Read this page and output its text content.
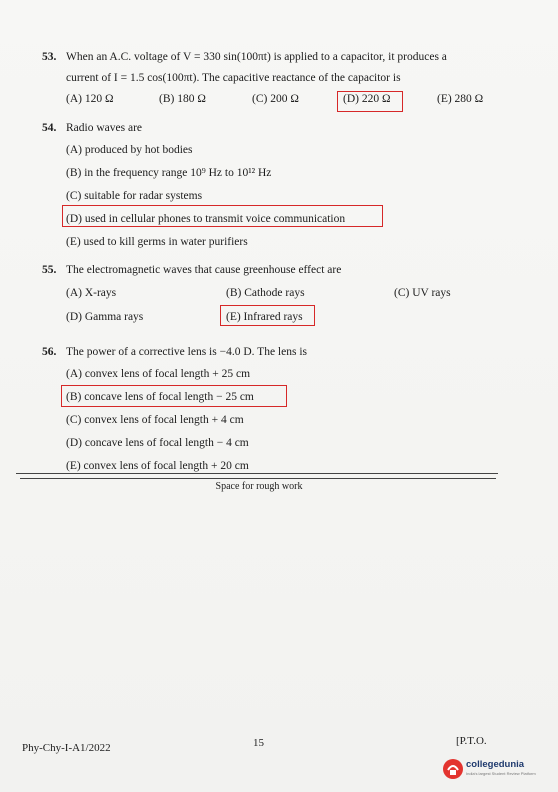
53. When an A.C. voltage of V = 330 sin(100πt) is applied to a capacitor, it produces a
current of I = 1.5 cos(100πt). The capacitive reactance of the capacitor is
(A) 120 Ω	(B) 180 Ω	(C) 200 Ω	(D) 220 Ω	(E) 280 Ω
54. Radio waves are
(A) produced by hot bodies
(B) in the frequency range 10⁹ Hz to 10¹² Hz
(C) suitable for radar systems
(D) used in cellular phones to transmit voice communication
(E) used to kill germs in water purifiers
55. The electromagnetic waves that cause greenhouse effect are
(A) X-rays	(B) Cathode rays	(C) UV rays
(D) Gamma rays	(E) Infrared rays
56. The power of a corrective lens is −4.0 D. The lens is
(A) convex lens of focal length + 25 cm
(B) concave lens of focal length − 25 cm
(C) convex lens of focal length + 4 cm
(D) concave lens of focal length − 4 cm
(E) convex lens of focal length + 20 cm
Space for rough work
Phy-Chy-I-A1/2022	15	[P.T.O.
collegedunia
India's largest Student Review Platform
